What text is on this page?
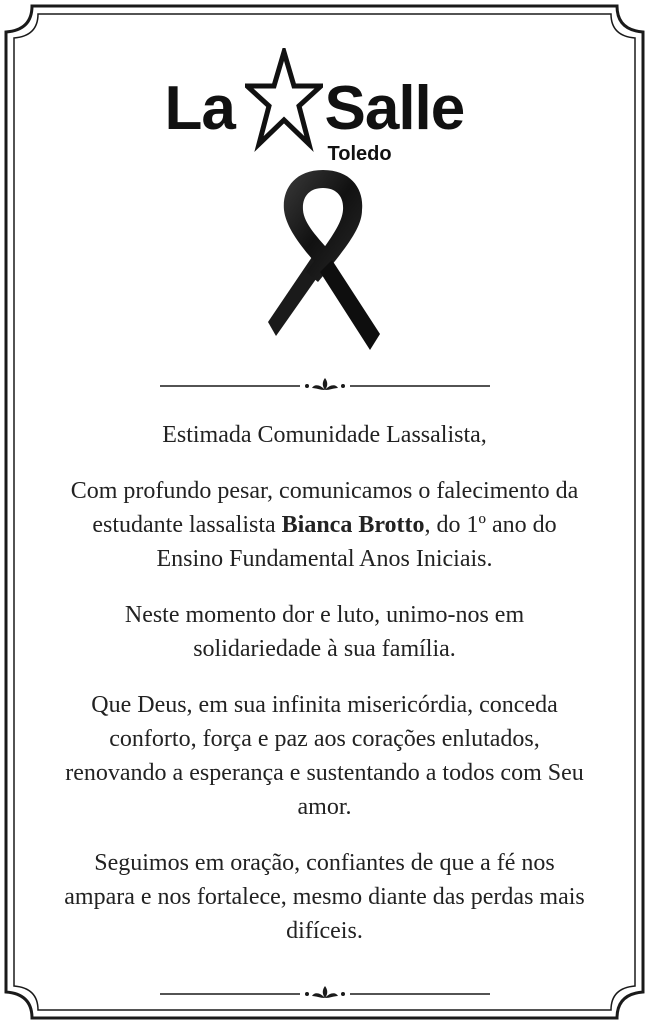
La Salle
Toledo

Estimada Comunidade Lassalista,

Com profundo pesar, comunicamos o falecimento da estudante lassalista Bianca Brotto, do 1º ano do Ensino Fundamental Anos Iniciais.

Neste momento dor e luto, unimo-nos em solidariedade à sua família.

Que Deus, em sua infinita misericórdia, conceda conforto, força e paz aos corações enlutados, renovando a esperança e sustentando a todos com Seu amor.

Seguimos em oração, confiantes de que a fé nos ampara e nos fortalece, mesmo diante das perdas mais difíceis.
